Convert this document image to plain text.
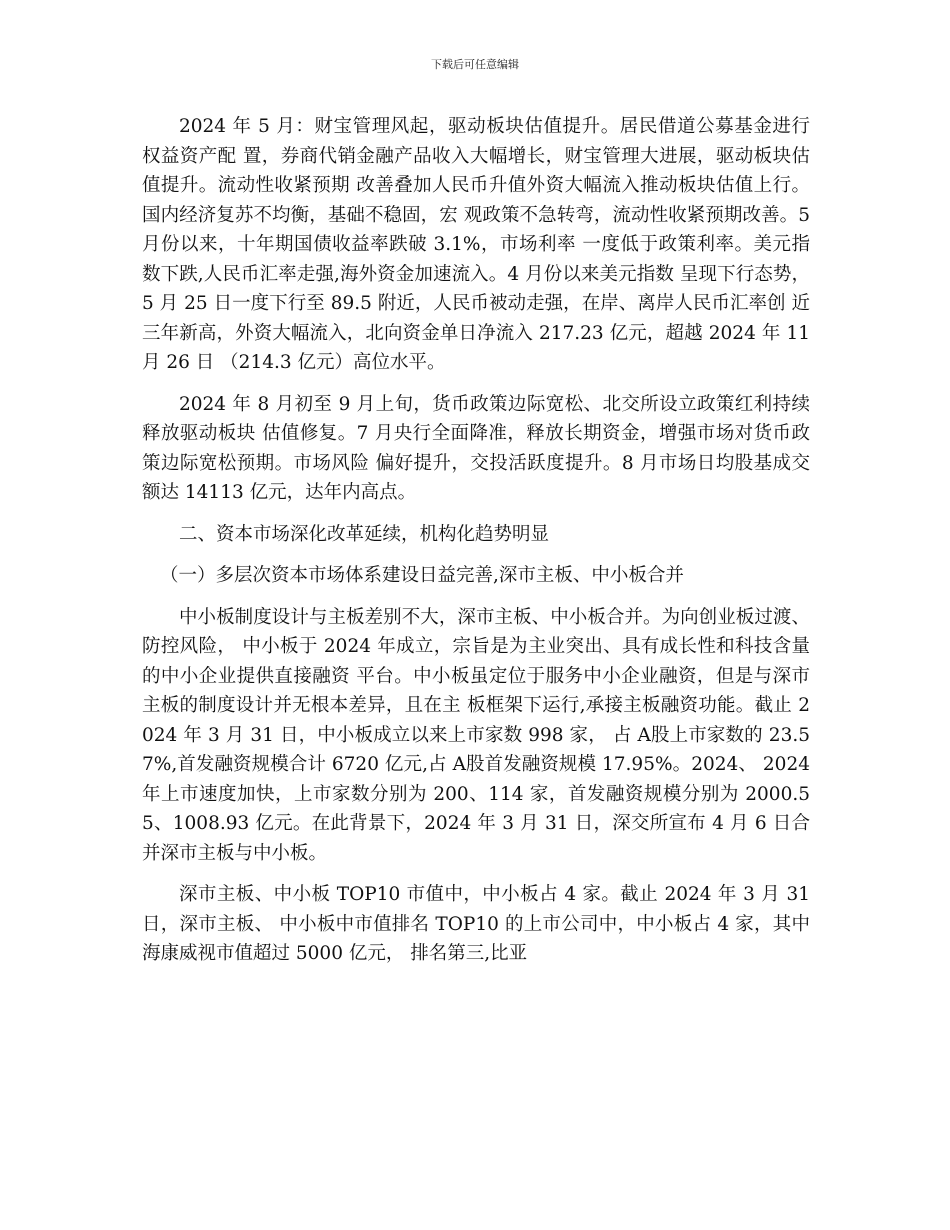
下载后可任意编辑

2024 年 5 月：财宝管理风起，驱动板块估值提升。居民借道公募基金进行权益资产配 置，券商代销金融产品收入大幅增长，财宝管理大进展，驱动板块估值提升。流动性收紧预期 改善叠加人民币升值外资大幅流入推动板块估值上行。国内经济复苏不均衡，基础不稳固，宏 观政策不急转弯，流动性收紧预期改善。5 月份以来，十年期国债收益率跌破 3.1%，市场利率 一度低于政策利率。美元指数下跌,人民币汇率走强,海外资金加速流入。4 月份以来美元指数 呈现下行态势，5 月 25 日一度下行至 89.5 附近，人民币被动走强，在岸、离岸人民币汇率创 近三年新高，外资大幅流入，北向资金单日净流入 217.23 亿元，超越 2024 年 11 月 26 日 （214.3 亿元）高位水平。

2024 年 8 月初至 9 月上旬，货币政策边际宽松、北交所设立政策红利持续释放驱动板块 估值修复。7 月央行全面降准，释放长期资金，增强市场对货币政策边际宽松预期。市场风险 偏好提升，交投活跃度提升。8 月市场日均股基成交额达 14113 亿元，达年内高点。

二、资本市场深化改革延续，机构化趋势明显

（一）多层次资本市场体系建设日益完善,深市主板、中小板合并

中小板制度设计与主板差别不大，深市主板、中小板合并。为向创业板过渡、防控风险， 中小板于 2024 年成立，宗旨是为主业突出、具有成长性和科技含量的中小企业提供直接融资 平台。中小板虽定位于服务中小企业融资，但是与深市主板的制度设计并无根本差异，且在主 板框架下运行,承接主板融资功能。截止 2024 年 3 月 31 日，中小板成立以来上市家数 998 家， 占 A股上市家数的 23.57%,首发融资规模合计 6720 亿元,占 A股首发融资规模 17.95%。2024、 2024 年上市速度加快，上市家数分别为 200、114 家，首发融资规模分别为 2000.55、1008.93 亿元。在此背景下，2024 年 3 月 31 日，深交所宣布 4 月 6 日合并深市主板与中小板。

深市主板、中小板 TOP10 市值中，中小板占 4 家。截止 2024 年 3 月 31 日，深市主板、 中小板中市值排名 TOP10 的上市公司中，中小板占 4 家，其中海康威视市值超过 5000 亿元， 排名第三,比亚
